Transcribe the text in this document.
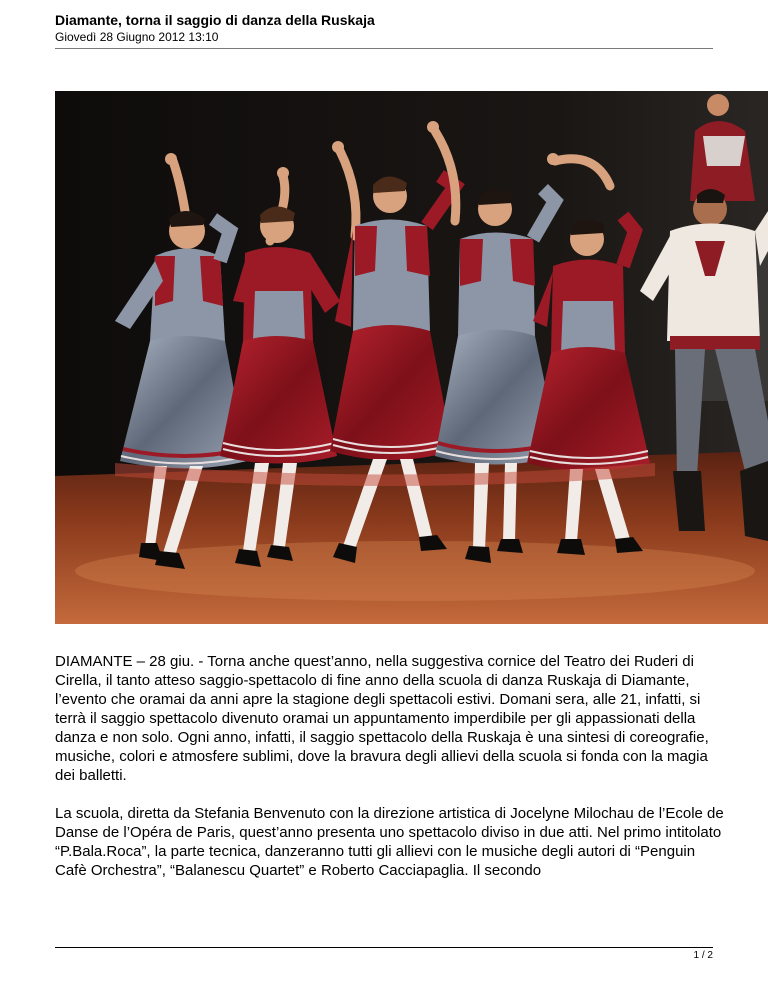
Diamante, torna il saggio di danza della Ruskaja

Giovedì 28 Giugno 2012 13:10

DIAMANTE – 28 giu. - Torna anche quest’anno, nella suggestiva cornice del Teatro dei Ruderi di Cirella, il tanto atteso saggio-spettacolo di fine anno della scuola di danza Ruskaja di Diamante, l’evento che oramai da anni apre la stagione degli spettacoli estivi. Domani sera, alle 21, infatti, si terrà il saggio spettacolo divenuto oramai un appuntamento imperdibile per gli appassionati della danza e non solo. Ogni anno, infatti, il saggio spettacolo della Ruskaja è una sintesi di coreografie, musiche, colori e atmosfere sublimi, dove la bravura degli allievi della scuola si fonda con la magia dei balletti.

La scuola, diretta da Stefania Benvenuto con la direzione artistica di Jocelyne Milochau de l’Ecole de Danse de l’Opéra de Paris, quest’anno presenta uno spettacolo diviso in due atti. Nel primo intitolato “P.Bala.Roca”, la parte tecnica, danzeranno tutti gli allievi con le musiche degli autori di “Penguin Cafè Orchestra”, “Balanescu Quartet” e Roberto Cacciapaglia. Il secondo

1 / 2
